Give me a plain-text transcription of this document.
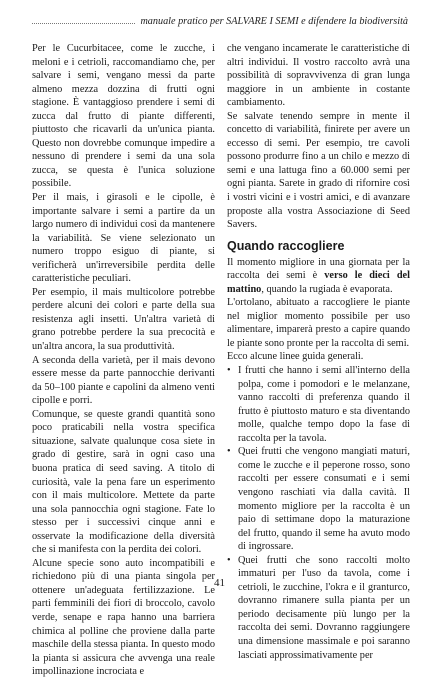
manuale pratico per SALVARE I SEMI e difendere la biodiversità

Per le Cucurbitacee, come le zucche, i meloni e i cetrioli, raccomandiamo che, per salvare i semi, vengano messi da parte almeno mezza dozzina di frutti ogni stagione. È vantaggioso prendere i semi di zucca dal frutto di piante differenti, piuttosto che ricavarli da un'unica pianta. Questo non dovrebbe comunque impedire a nessuno di prendere i semi da una sola zucca, se questa è l'unica soluzione possibile.

Per il mais, i girasoli e le cipolle, è importante salvare i semi a partire da un largo numero di individui così da mantenere la variabilità. Se viene selezionato un numero troppo esiguo di piante, si verificherà un'irreversibile perdita delle caratteristiche peculiari.

Per esempio, il mais multicolore potrebbe perdere alcuni dei colori e parte della sua resistenza agli insetti. Un'altra varietà di grano potrebbe perdere la sua precocità e un'altra ancora, la sua produttività.

A seconda della varietà, per il mais devono essere messe da parte pannocchie derivanti da 50–100 piante e capolini da almeno venti cipolle e porri.

Comunque, se queste grandi quantità sono poco praticabili nella vostra specifica situazione, salvate qualunque cosa siete in grado di gestire, sarà in ogni caso una buona pratica di seed saving. A titolo di curiosità, vale la pena fare un esperimento con il mais multicolore. Mettete da parte una sola pannocchia ogni stagione. Fate lo stesso per i successivi cinque anni e osservate la modificazione della diversità che si manifesta con la perdita dei colori.

Alcune specie sono auto incompatibili e richiedono più di una pianta singola per ottenere un'adeguata fertilizzazione. Le parti femminili dei fiori di broccolo, cavolo verde, senape e rapa hanno una barriera chimica al polline che proviene dalla parte maschile della stessa pianta. In questo modo la pianta si assicura che avvenga una reale impollinazione incrociata e

che vengano incamerate le caratteristiche di altri individui. Il vostro raccolto avrà una possibilità di sopravvivenza di gran lunga maggiore in un ambiente in costante cambiamento.

Se salvate tenendo sempre in mente il concetto di variabilità, finirete per avere un eccesso di semi. Per esempio, tre cavoli possono produrre fino a un chilo e mezzo di semi e una lattuga fino a 60.000 semi per ogni pianta. Sarete in grado di rifornire così i vostri vicini e i vostri amici, e di avanzare proposte alla vostra Associazione di Seed Savers.

Quando raccogliere

Il momento migliore in una giornata per la raccolta dei semi è verso le dieci del mattino, quando la rugiada è evaporata.

L'ortolano, abituato a raccogliere le piante nel miglior momento possibile per uso alimentare, imparerà presto a capire quando le piante sono pronte per la raccolta di semi.

Ecco alcune linee guida generali.

• I frutti che hanno i semi all'interno della polpa, come i pomodori e le melanzane, vanno raccolti di preferenza quando il frutto è piuttosto maturo e sta diventando molle, qualche tempo dopo la fase di raccolta per la tavola.
• Quei frutti che vengono mangiati maturi, come le zucche e il peperone rosso, sono raccolti per essere consumati e i semi vengono raschiati via dalla cavità. Il momento migliore per la raccolta è un paio di settimane dopo la maturazione del frutto, quando il seme ha avuto modo di ingrossare.
• Quei frutti che sono raccolti molto immaturi per l'uso da tavola, come i cetrioli, le zucchine, l'okra e il granturco, dovranno rimanere sulla pianta per un periodo decisamente più lungo per la raccolta dei semi. Dovranno raggiungere una dimensione massimale e poi saranno lasciati approssimativamente per
41
